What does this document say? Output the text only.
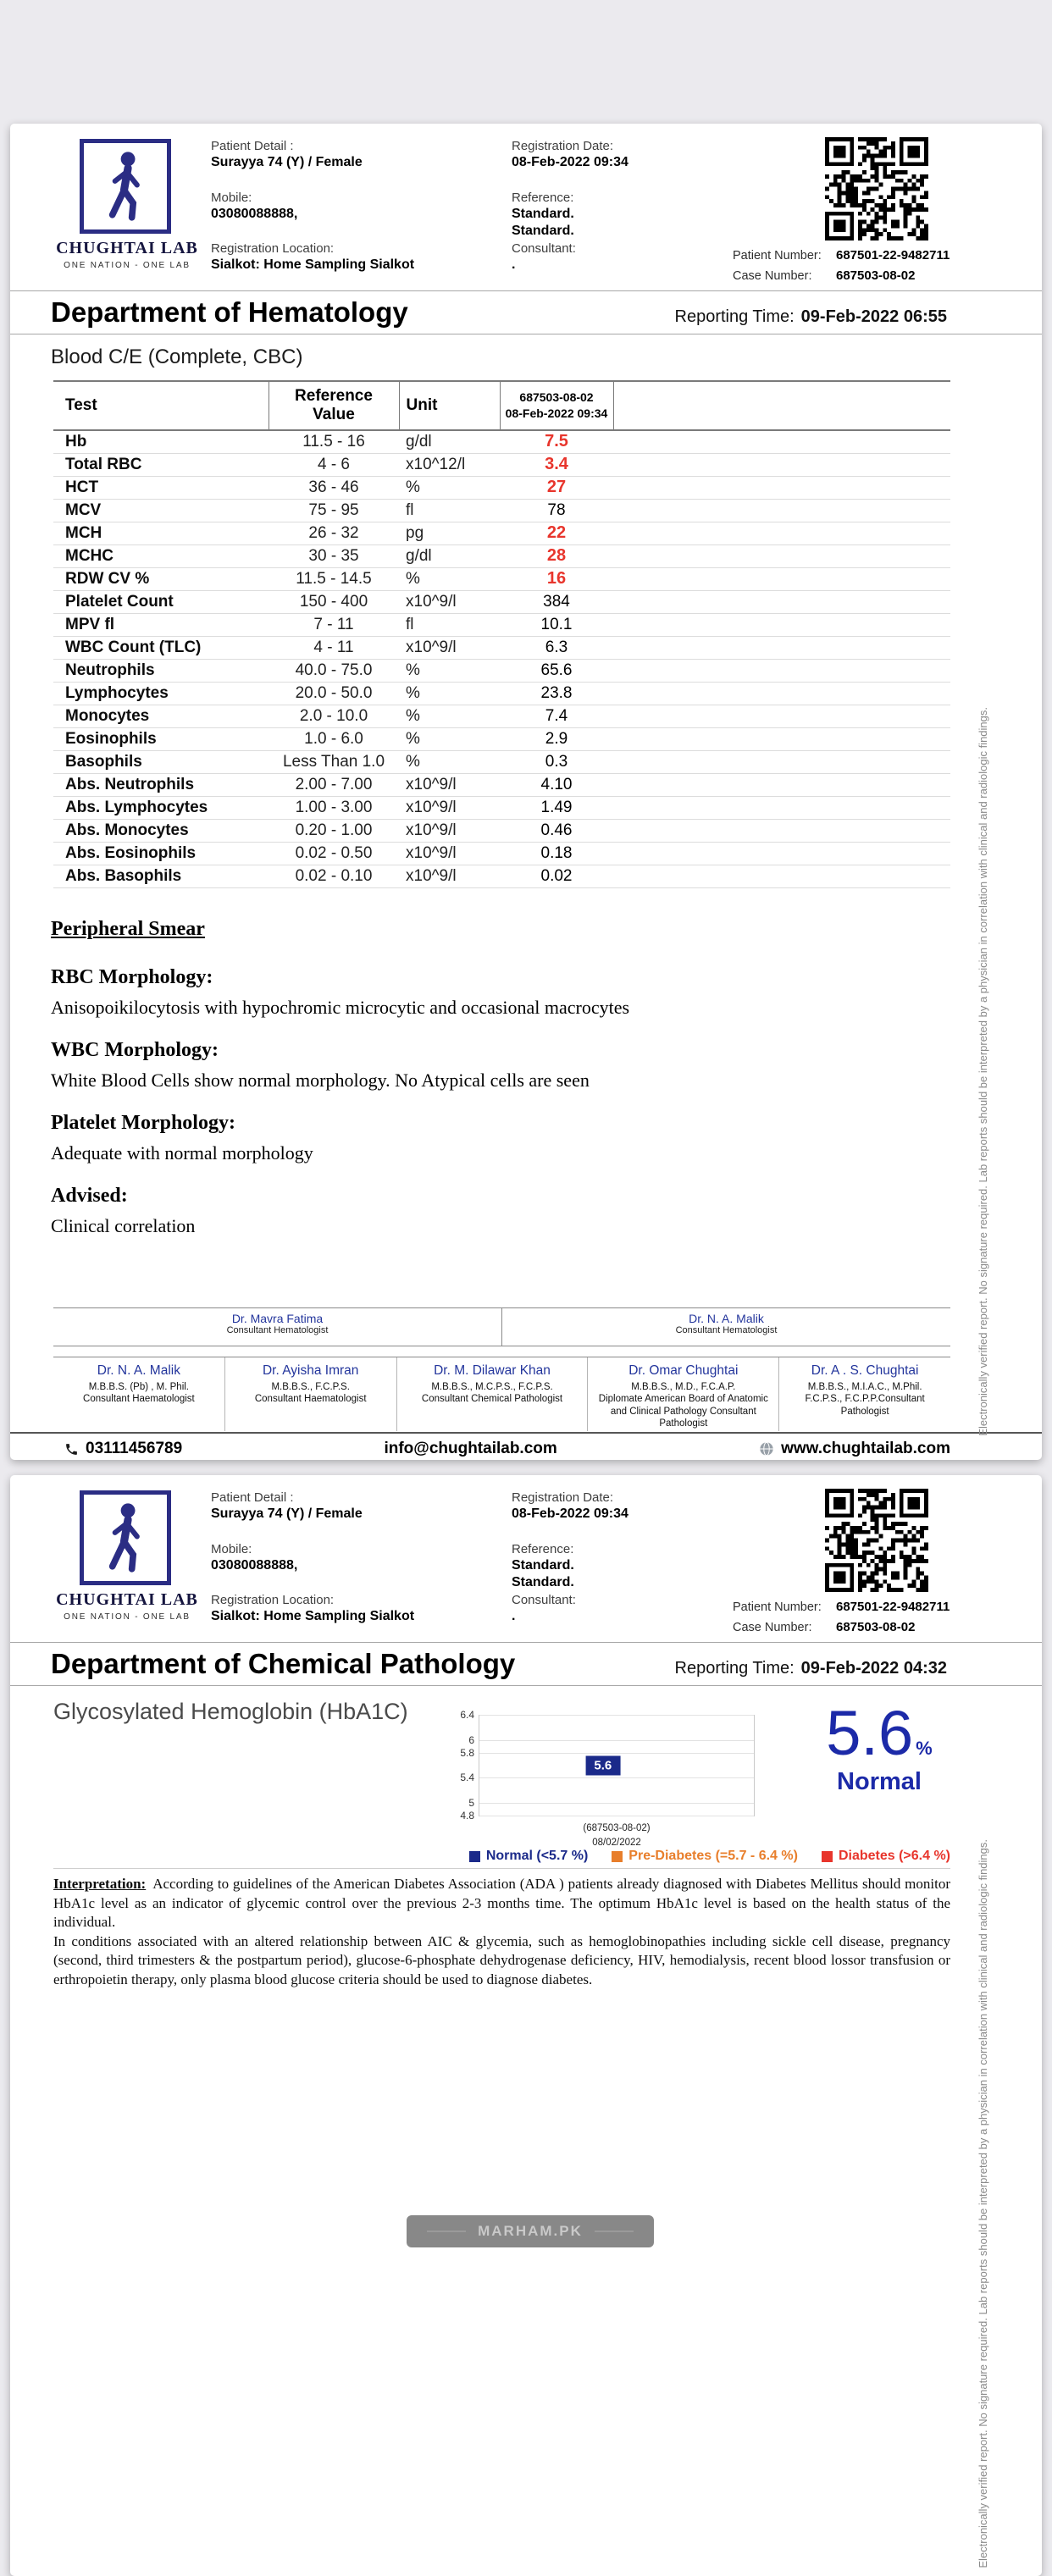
CHUGHTAI LAB
ONE NATION - ONE LAB
Patient Detail :
Surayya 74 (Y) / Female
Mobile:
03080088888,
Registration Location:
Sialkot: Home Sampling Sialkot
Registration Date:
08-Feb-2022 09:34
Reference:
Standard.
Standard.
Consultant:
.
Patient Number: 687501-22-9482711
Case Number: 687503-08-02
Department of Hematology	Reporting Time: 09-Feb-2022 06:55
Blood C/E (Complete, CBC)
Test	Reference Value	Unit	687503-08-02
08-Feb-2022 09:34	

Hb	11.5 - 16	g/dl	7.5	
Total RBC	4 - 6	x10^12/l	3.4	
HCT	36 - 46	%	27	
MCV	75 - 95	fl	78	
MCH	26 - 32	pg	22	
MCHC	30 - 35	g/dl	28	
RDW CV %	11.5 - 14.5	%	16	
Platelet Count	150 - 400	x10^9/l	384	
MPV fl	7 - 11	fl	10.1	
WBC Count (TLC)	4 - 11	x10^9/l	6.3	
Neutrophils	40.0 - 75.0	%	65.6	
Lymphocytes	20.0 - 50.0	%	23.8	
Monocytes	2.0 - 10.0	%	7.4	
Eosinophils	1.0 - 6.0	%	2.9	
Basophils	Less Than 1.0	%	0.3	
Abs. Neutrophils	2.00 - 7.00	x10^9/l	4.10	
Abs. Lymphocytes	1.00 - 3.00	x10^9/l	1.49	
Abs. Monocytes	0.20 - 1.00	x10^9/l	0.46	
Abs. Eosinophils	0.02 - 0.50	x10^9/l	0.18	
Abs. Basophils	0.02 - 0.10	x10^9/l	0.02	
Peripheral Smear
RBC Morphology:
Anisopoikilocytosis with hypochromic microcytic and occasional macrocytes
WBC Morphology:
White Blood Cells show normal morphology. No Atypical cells are seen
Platelet Morphology:
Adequate with normal morphology
Advised:
Clinical correlation
Dr. Mavra Fatima
Consultant Hematologist
Dr. N. A. Malik
Consultant Hematologist
Dr. N. A. Malik
M.B.B.S. (Pb) , M. Phil.
Consultant Haematologist
Dr. Ayisha Imran
M.B.B.S., F.C.P.S.
Consultant Haematologist
Dr. M. Dilawar Khan
M.B.B.S., M.C.P.S., F.C.P.S.
Consultant Chemical Pathologist
Dr. Omar Chughtai
M.B.B.S., M.D., F.C.A.P.
Diplomate American Board of Anatomic and Clinical Pathology Consultant Pathologist
Dr. A . S. Chughtai
M.B.B.S., M.I.A.C., M.Phil.
F.C.P.S., F.C.P.P.Consultant Pathologist
03111456789	info@chughtailab.com	www.chughtailab.com
Electronically verified report. No signature required. Lab reports should be interpreted by a physician in correlation with clinical and radiologic findings.
CHUGHTAI LAB
ONE NATION - ONE LAB
Patient Detail :
Surayya 74 (Y) / Female
Mobile:
03080088888,
Registration Location:
Sialkot: Home Sampling Sialkot
Registration Date:
08-Feb-2022 09:34
Reference:
Standard.
Standard.
Consultant:
.
Patient Number: 687501-22-9482711
Case Number: 687503-08-02
Department of Chemical Pathology	Reporting Time: 09-Feb-2022 04:32
Glycosylated Hemoglobin (HbA1C)	6.4
6
5.8
5.4
5
4.8
5.6
(687503-08-02)
08/02/2022
5.6 %
Normal
Normal (<5.7 %)	Pre-Diabetes (=5.7 - 6.4 %)	Diabetes (>6.4 %)
Interpretation: According to guidelines of the American Diabetes Association (ADA ) patients already diagnosed with Diabetes Mellitus should monitor HbA1c level as an indicator of glycemic control over the previous 2-3 months time. The optimum HbA1c level is based on the health status of the individual.
In conditions associated with an altered relationship between AIC & glycemia, such as hemoglobinopathies including sickle cell disease, pregnancy (second, third trimesters & the postpartum period), glucose-6-phosphate dehydrogenase deficiency, HIV, hemodialysis, recent blood lossor transfusion or erthropoietin therapy, only plasma blood glucose criteria should be used to diagnose diabetes.	Electronically verified report. No signature required. Lab reports should be interpreted by a physician in correlation with clinical and radiologic findings.
MARHAM.PK
